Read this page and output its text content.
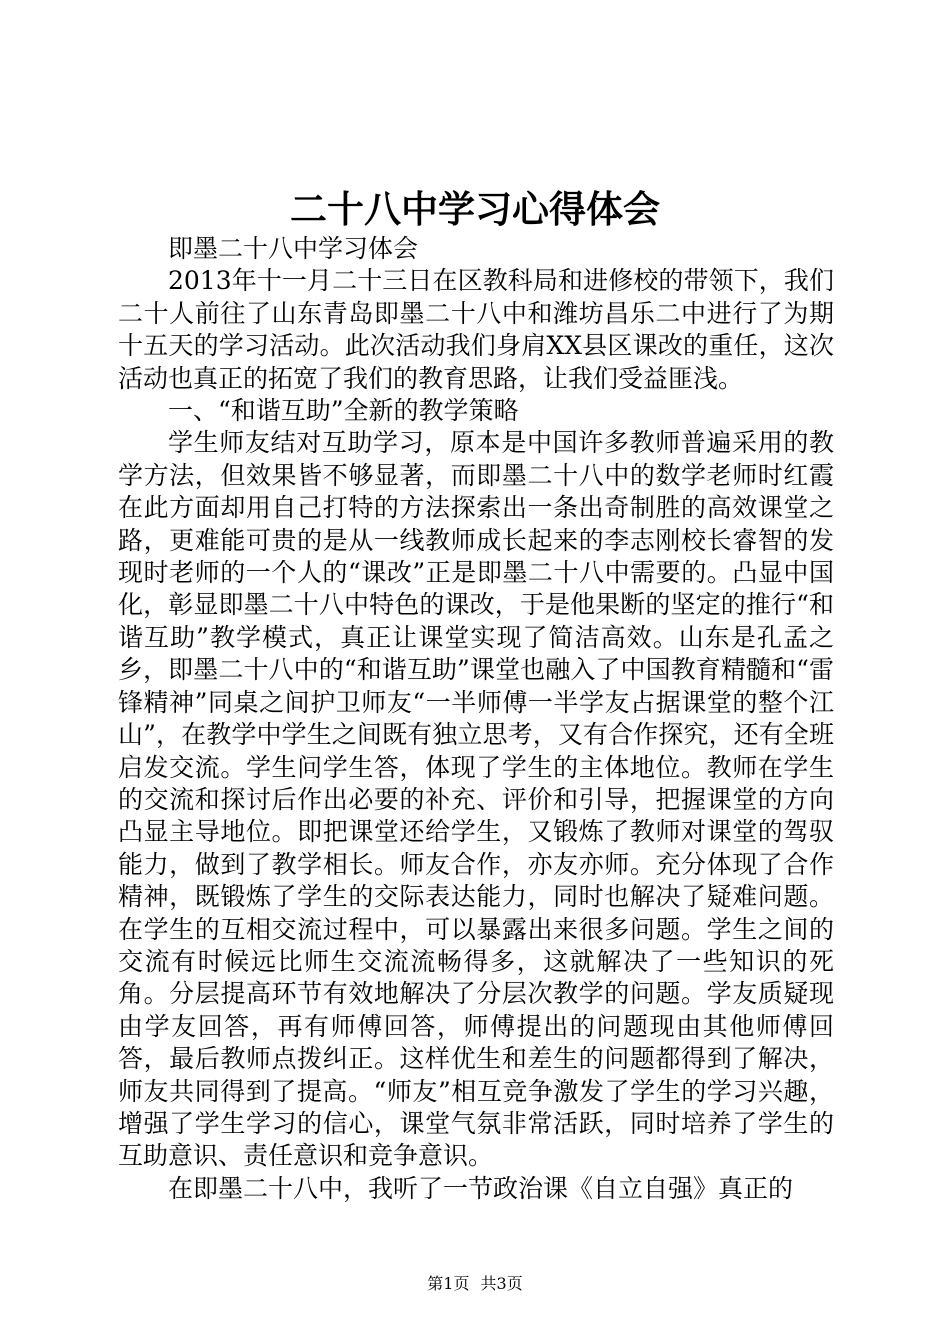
二十八中学习心得体会

即墨二十八中学习体会

2013年十一月二十三日在区教科局和进修校的带领下，我们二十人前往了山东青岛即墨二十八中和潍坊昌乐二中进行了为期十五天的学习活动。此次活动我们身肩XX县区课改的重任，这次活动也真正的拓宽了我们的教育思路，让我们受益匪浅。

一、“和谐互助”全新的教学策略

学生师友结对互助学习，原本是中国许多教师普遍采用的教学方法，但效果皆不够显著，而即墨二十八中的数学老师时红霞在此方面却用自己打特的方法探索出一条出奇制胜的高效课堂之路，更难能可贵的是从一线教师成长起来的李志刚校长睿智的发现时老师的一个人的“课改”正是即墨二十八中需要的。凸显中国化，彰显即墨二十八中特色的课改，于是他果断的坚定的推行“和谐互助”教学模式，真正让课堂实现了简洁高效。山东是孔孟之乡，即墨二十八中的“和谐互助”课堂也融入了中国教育精髓和“雷锋精神”同桌之间护卫师友“一半师傅一半学友占据课堂的整个江山”，在教学中学生之间既有独立思考，又有合作探究，还有全班启发交流。学生问学生答，体现了学生的主体地位。教师在学生的交流和探讨后作出必要的补充、评价和引导，把握课堂的方向凸显主导地位。即把课堂还给学生，又锻炼了教师对课堂的驾驭能力，做到了教学相长。师友合作，亦友亦师。充分体现了合作精神，既锻炼了学生的交际表达能力，同时也解决了疑难问题。在学生的互相交流过程中，可以暴露出来很多问题。学生之间的交流有时候远比师生交流流畅得多，这就解决了一些知识的死角。分层提高环节有效地解决了分层次教学的问题。学友质疑现由学友回答，再有师傅回答，师傅提出的问题现由其他师傅回答，最后教师点拨纠正。这样优生和差生的问题都得到了解决，师友共同得到了提高。“师友”相互竞争激发了学生的学习兴趣，增强了学生学习的信心，课堂气氛非常活跃，同时培养了学生的互助意识、责任意识和竞争意识。

在即墨二十八中，我听了一节政治课《自立自强》真正的

第1页 共3页
